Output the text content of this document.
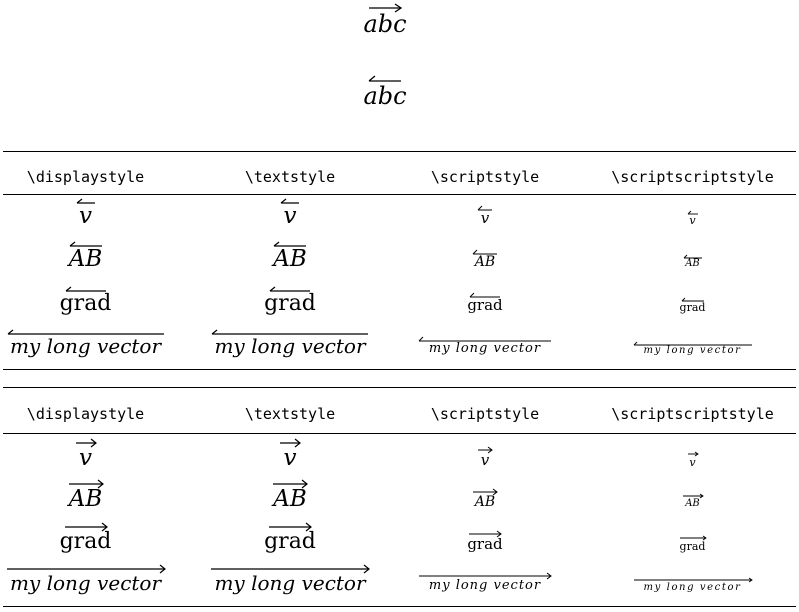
abc
abc
\displaystyle	\textstyle	\scriptstyle	\scriptscriptstyle
v	v	v	v
AB	AB	AB	AB
grad	grad	grad	grad
my long vector	my long vector	my long vector	my long vector
\displaystyle	\textstyle	\scriptstyle	\scriptscriptstyle
v	v	v	v
AB	AB	AB	AB
grad	grad	grad	grad
my long vector	my long vector	my long vector	my long vector
